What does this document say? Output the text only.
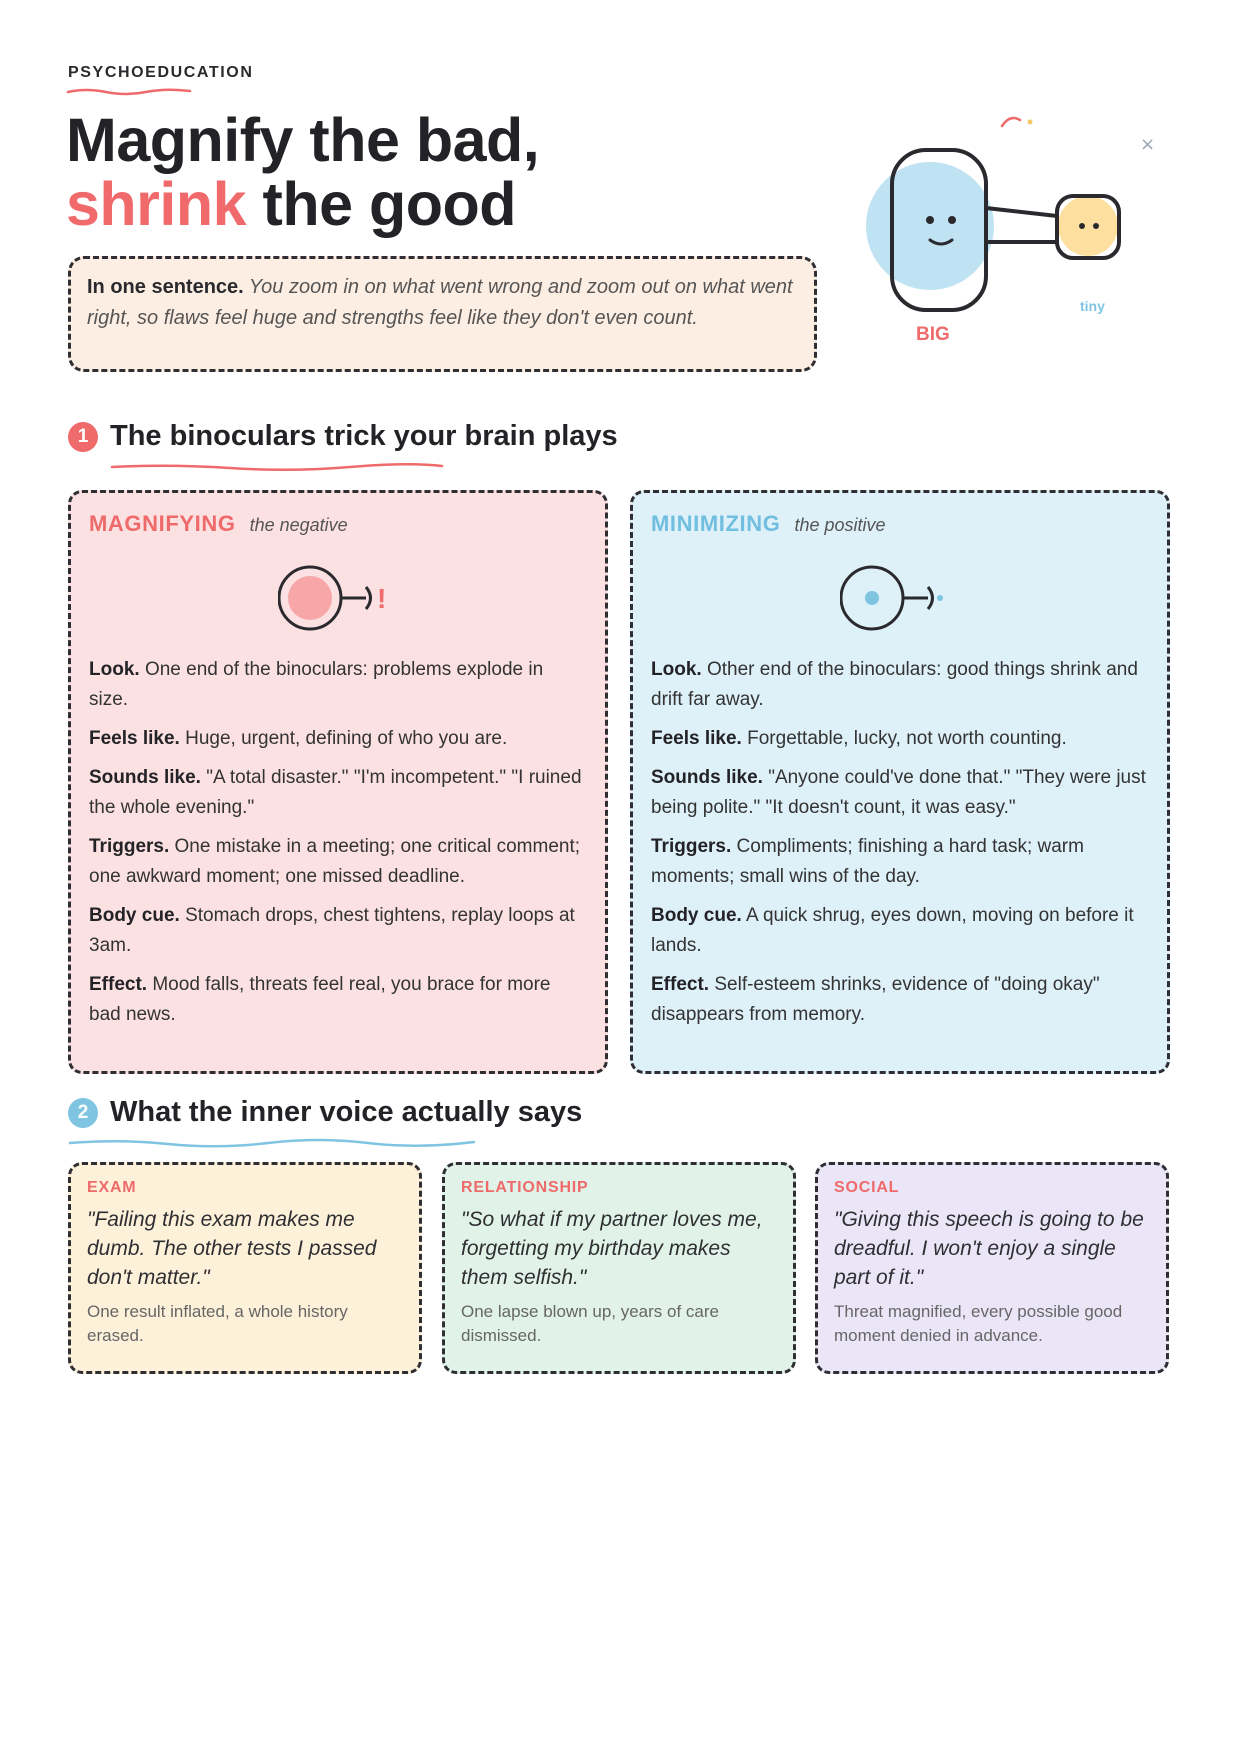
PSYCHOEDUCATION
Magnify the bad,
shrink the good

In one sentence. You zoom in on what went wrong and zoom out on what went right, so flaws feel huge and strengths feel like they don't even count.

×
BIG
tiny
1 The binoculars trick your brain plays
MAGNIFYING the negative
!

Look. One end of the binoculars: problems explode in size.

Feels like. Huge, urgent, defining of who you are.

Sounds like. "A total disaster." "I'm incompetent." "I ruined the whole evening."

Triggers. One mistake in a meeting; one critical comment; one awkward moment; one missed deadline.

Body cue. Stomach drops, chest tightens, replay loops at 3am.

Effect. Mood falls, threats feel real, you brace for more bad news.

MINIMIZING the positive

Look. Other end of the binoculars: good things shrink and drift far away.

Feels like. Forgettable, lucky, not worth counting.

Sounds like. "Anyone could've done that." "They were just being polite." "It doesn't count, it was easy."

Triggers. Compliments; finishing a hard task; warm moments; small wins of the day.

Body cue. A quick shrug, eyes down, moving on before it lands.

Effect. Self-esteem shrinks, evidence of "doing okay" disappears from memory.

2 What the inner voice actually says
EXAM
"Failing this exam makes me dumb. The other tests I passed don't matter."
One result inflated, a whole history erased.
RELATIONSHIP
"So what if my partner loves me, forgetting my birthday makes them selfish."
One lapse blown up, years of care dismissed.
SOCIAL
"Giving this speech is going to be dreadful. I won't enjoy a single part of it."
Threat magnified, every possible good moment denied in advance.
